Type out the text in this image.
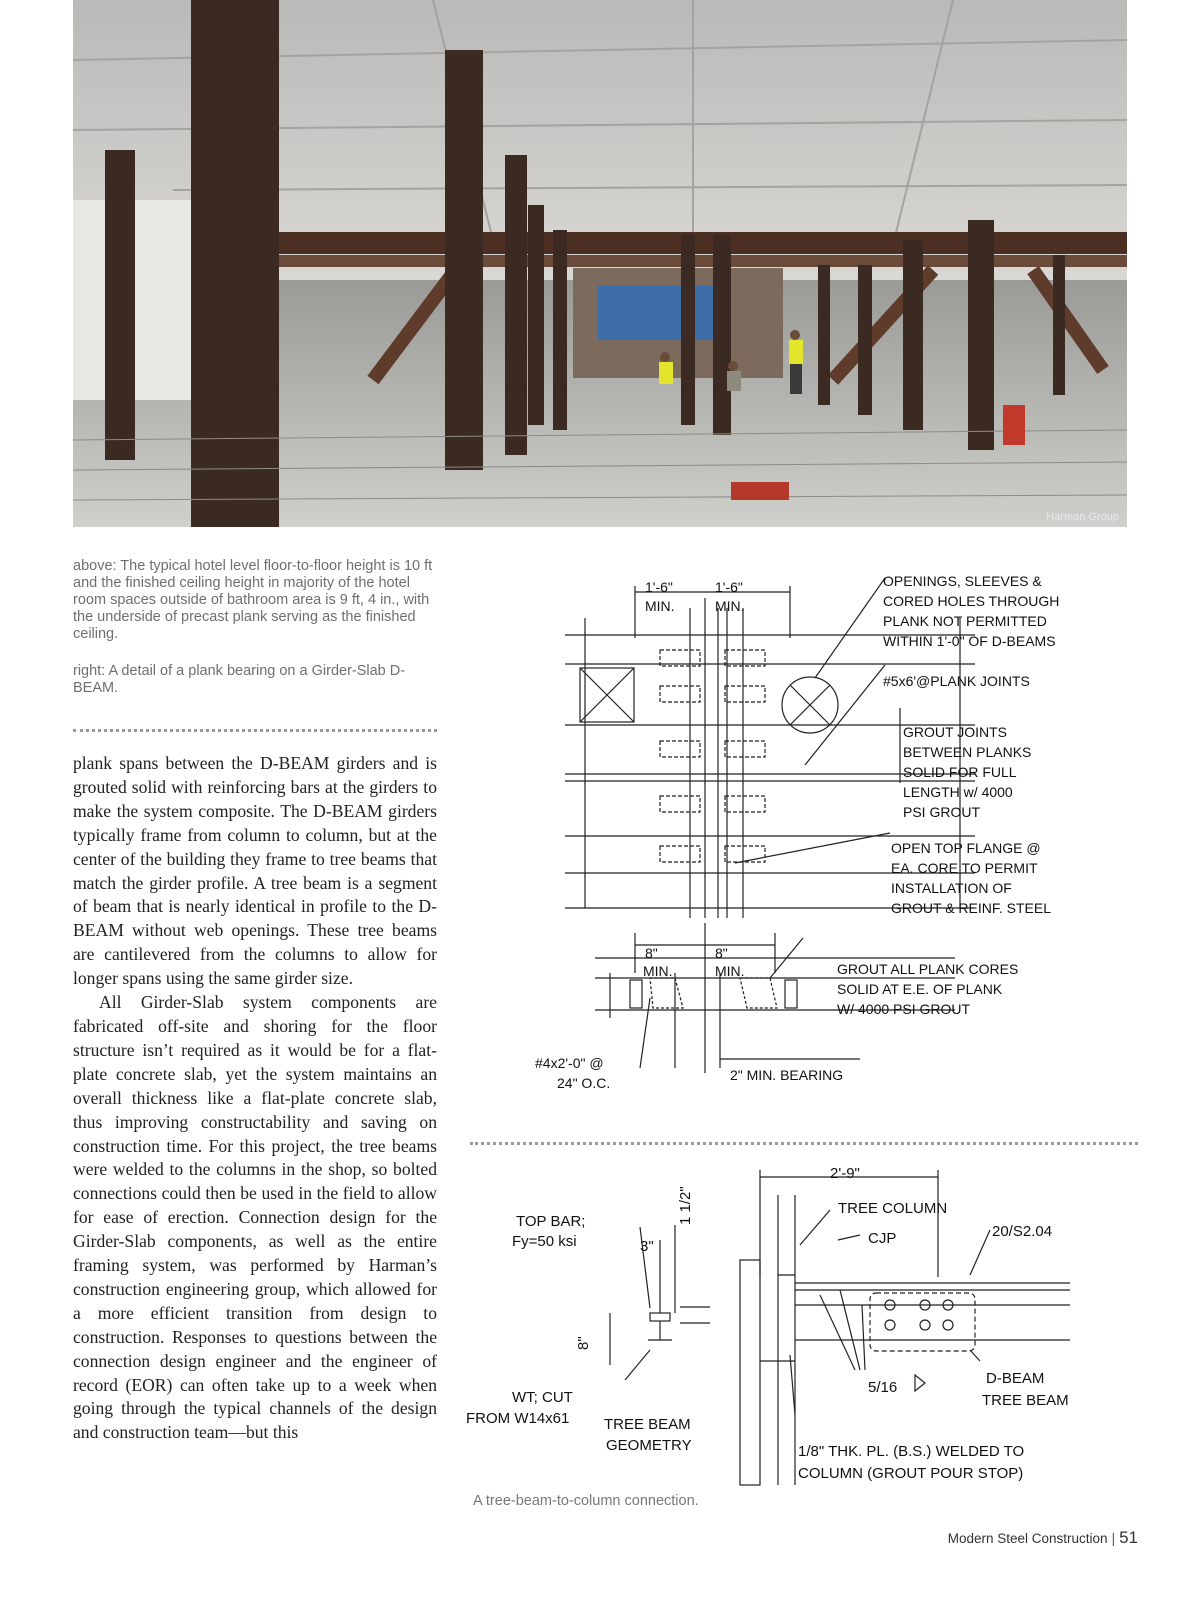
Harman Group

above: The typical hotel level floor-to-floor height is 10 ft and the finished ceiling height in majority of the hotel room spaces outside of bathroom area is 9 ft, 4 in., with the underside of precast plank serving as the finished ceiling.

right: A detail of a plank bearing on a Girder-Slab D-BEAM.

plank spans between the D-BEAM girders and is grouted solid with reinforcing bars at the girders to make the system composite. The D-BEAM girders typically frame from column to column, but at the center of the building they frame to tree beams that match the girder profile. A tree beam is a segment of beam that is nearly identical in profile to the D-BEAM without web openings. These tree beams are cantilevered from the columns to allow for longer spans using the same girder size.

All Girder-Slab system components are fabricated off-site and shoring for the floor structure isn’t required as it would be for a flat-plate concrete slab, yet the system maintains an overall thickness like a flat-plate concrete slab, thus improving constructability and saving on construction time. For this project, the tree beams were welded to the columns in the shop, so bolted connections could then be used in the field to allow for ease of erection. Connection design for the Girder-Slab components, as well as the entire framing system, was performed by Harman’s construction engineering group, which allowed for a more efficient transition from design to construction. Responses to questions between the connection design engineer and the engineer of record (EOR) can often take up to a week when going through the typical channels of the design and construction team—but this

1'-6"	1'-6"
MIN.	MIN.
OPENINGS, SLEEVES &
CORED HOLES THROUGH
PLANK NOT PERMITTED
WITHIN 1'-0" OF D-BEAMS
#5x6'@PLANK JOINTS
GROUT JOINTS
BETWEEN PLANKS
SOLID FOR FULL
LENGTH w/ 4000
PSI GROUT
OPEN TOP FLANGE @
EA. CORE TO PERMIT
INSTALLATION OF
GROUT & REINF. STEEL
8"	8"
MIN.	MIN.	GROUT ALL PLANK CORES
SOLID AT E.E. OF PLANK
W/ 4000 PSI GROUT
#4x2'-0" @
24" O.C.	2" MIN. BEARING
TOP BAR;
Fy=50 ksi	3"
1 1/2"
8"
WT; CUT
FROM W14x61 TREE BEAM
GEOMETRY
2'-9"
TREE COLUMN
CJP	20/S2.04
D-BEAM
TREE BEAM
5/16
1/8" THK. PL. (B.S.) WELDED TO
COLUMN (GROUT POUR STOP)

A tree-beam-to-column connection.

Modern Steel Construction | 51
